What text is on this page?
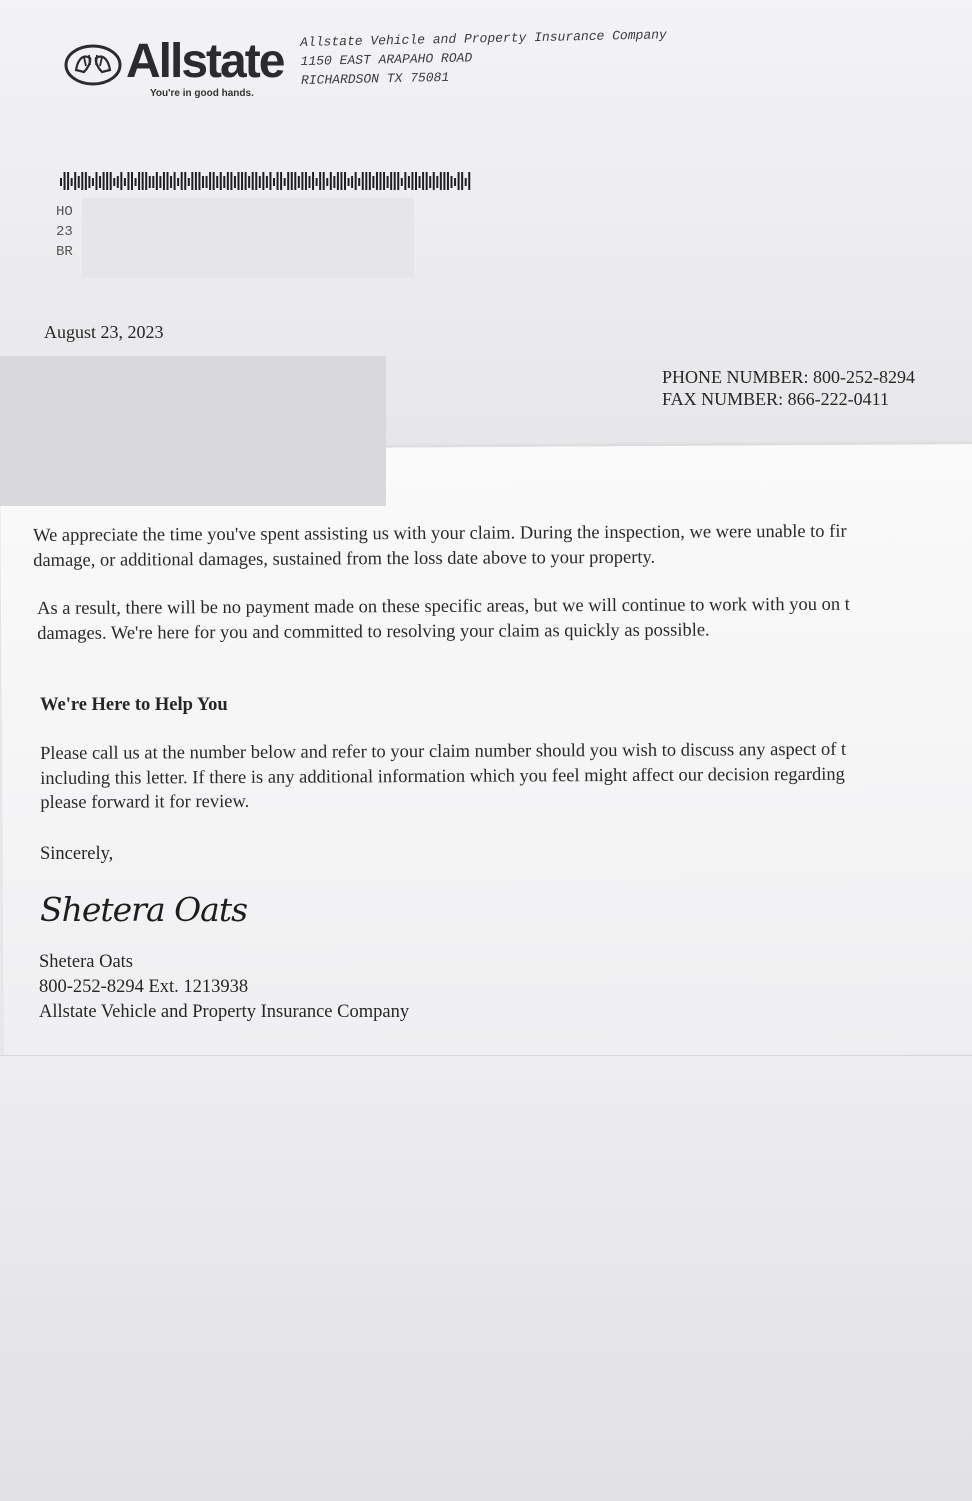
Allstate
You're in good hands.
Allstate Vehicle and Property Insurance Company
1150 EAST ARAPAHO ROAD
RICHARDSON TX 75081
HO
23
BR
August 23, 2023
PHONE NUMBER: 800-252-8294
FAX NUMBER: 866-222-0411
We appreciate the time you've spent assisting us with your claim. During the inspection, we were unable to fir
damage, or additional damages, sustained from the loss date above to your property.
As a result, there will be no payment made on these specific areas, but we will continue to work with you on t
damages. We're here for you and committed to resolving your claim as quickly as possible.
We're Here to Help You
Please call us at the number below and refer to your claim number should you wish to discuss any aspect of t
including this letter. If there is any additional information which you feel might affect our decision regarding
please forward it for review.
Sincerely,
Shetera Oats
Shetera Oats
800-252-8294 Ext. 1213938
Allstate Vehicle and Property Insurance Company
